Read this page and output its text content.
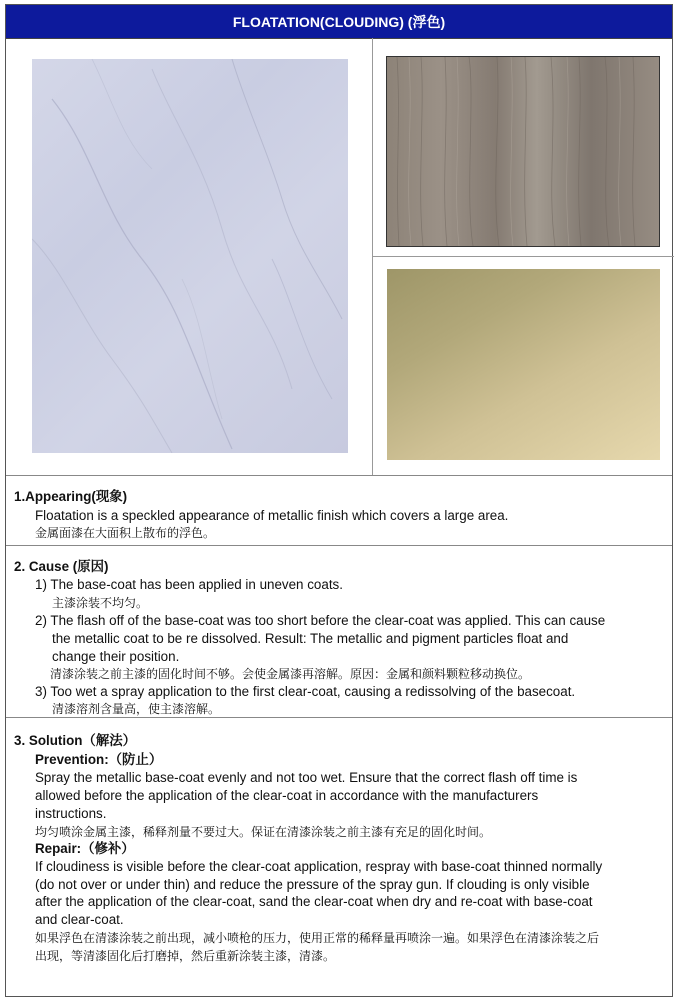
FLOATATION(CLOUDING) (浮色)
1.Appearing(现象)
Floatation is a speckled appearance of metallic finish which covers a large area.
金属面漆在大面积上散布的浮色。
2. Cause (原因)
1) The base-coat has been applied in uneven coats.
主漆涂装不均匀。
2) The flash off of the base-coat was too short before the clear-coat was applied. This can cause
the metallic coat to be re dissolved. Result: The metallic and pigment particles float and
change their position.
清漆涂装之前主漆的固化时间不够。会使金属漆再溶解。原因：金属和颜料颗粒移动换位。
3) Too wet a spray application to the first clear-coat, causing a redissolving of the basecoat.
清漆溶剂含量高，使主漆溶解。
3. Solution（解法）
Prevention:（防止）
Spray the metallic base-coat evenly and not too wet. Ensure that the correct flash off time is
allowed before the application of the clear-coat in accordance with the manufacturers
instructions.
均匀喷涂金属主漆，稀释剂量不要过大。保证在清漆涂装之前主漆有充足的固化时间。
Repair:（修补）
If cloudiness is visible before the clear-coat application, respray with base-coat thinned normally
(do not over or under thin) and reduce the pressure of the spray gun. If clouding is only visible
after the application of the clear-coat, sand the clear-coat when dry and re-coat with base-coat
and clear-coat.
如果浮色在清漆涂装之前出现，减小喷枪的压力，使用正常的稀释量再喷涂一遍。如果浮色在清漆涂装之后
出现，等清漆固化后打磨掉，然后重新涂装主漆，清漆。
